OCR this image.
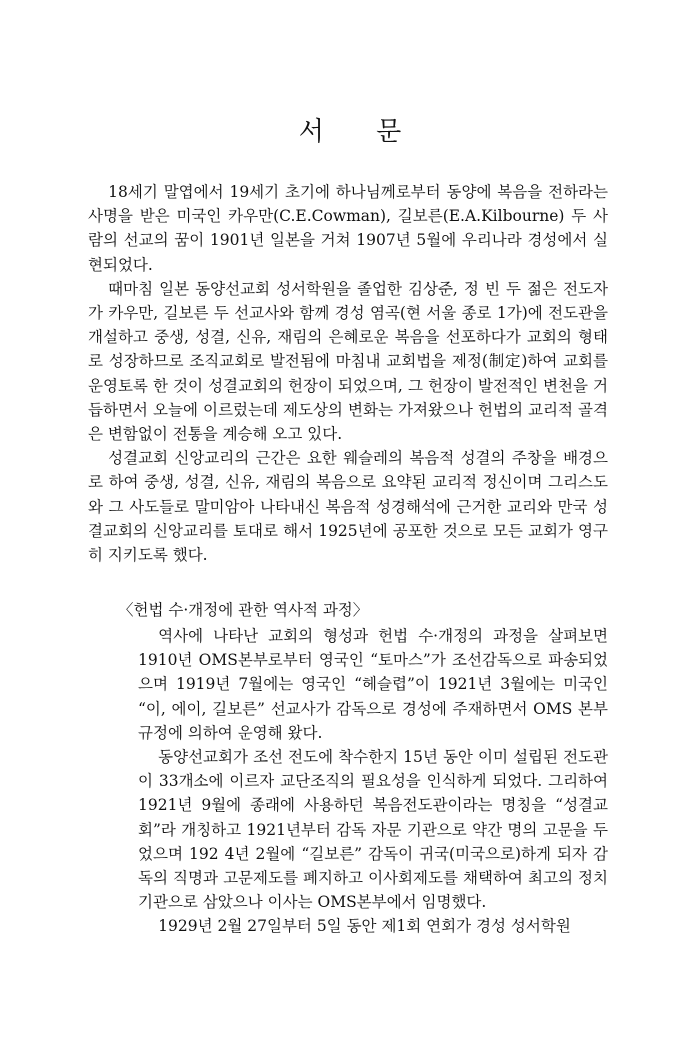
서 문

18세기 말엽에서 19세기 초기에 하나님께로부터 동양에 복음을 전하라는 사명을 받은 미국인 카우만(C.E.Cowman), 길보른(E.A.Kilbourne) 두 사람의 선교의 꿈이 1901년 일본을 거쳐 1907년 5월에 우리나라 경성에서 실현되었다.

때마침 일본 동양선교회 성서학원을 졸업한 김상준, 정 빈 두 젊은 전도자가 카우만, 길보른 두 선교사와 함께 경성 염곡(현 서울 종로 1가)에 전도관을 개설하고 중생, 성결, 신유, 재림의 은혜로운 복음을 선포하다가 교회의 형태로 성장하므로 조직교회로 발전됨에 마침내 교회법을 제정(制定)하여 교회를 운영토록 한 것이 성결교회의 헌장이 되었으며, 그 헌장이 발전적인 변천을 거듭하면서 오늘에 이르렀는데 제도상의 변화는 가져왔으나 헌법의 교리적 골격은 변함없이 전통을 계승해 오고 있다.

성결교회 신앙교리의 근간은 요한 웨슬레의 복음적 성결의 주창을 배경으로 하여 중생, 성결, 신유, 재림의 복음으로 요약된 교리적 정신이며 그리스도와 그 사도들로 말미암아 나타내신 복음적 성경해석에 근거한 교리와 만국 성결교회의 신앙교리를 토대로 해서 1925년에 공포한 것으로 모든 교회가 영구히 지키도록 했다.

〈헌법 수·개정에 관한 역사적 과정〉

역사에 나타난 교회의 형성과 헌법 수·개정의 과정을 살펴보면 1910년 OMS본부로부터 영국인 “토마스”가 조선감독으로 파송되었으며 1919년 7월에는 영국인 “헤슬렵”이 1921년 3월에는 미국인 “이, 에이, 길보른” 선교사가 감독으로 경성에 주재하면서 OMS 본부 규정에 의하여 운영해 왔다.

동양선교회가 조선 전도에 착수한지 15년 동안 이미 설립된 전도관이 33개소에 이르자 교단조직의 필요성을 인식하게 되었다. 그리하여 1921년 9월에 종래에 사용하던 복음전도관이라는 명칭을 “성결교회”라 개칭하고 1921년부터 감독 자문 기관으로 약간 명의 고문을 두었으며 192 4년 2월에 “길보른” 감독이 귀국(미국으로)하게 되자 감독의 직명과 고문제도를 폐지하고 이사회제도를 채택하여 최고의 정치기관으로 삼았으나 이사는 OMS본부에서 임명했다.

1929년 2월 27일부터 5일 동안 제1회 연회가 경성 성서학원
